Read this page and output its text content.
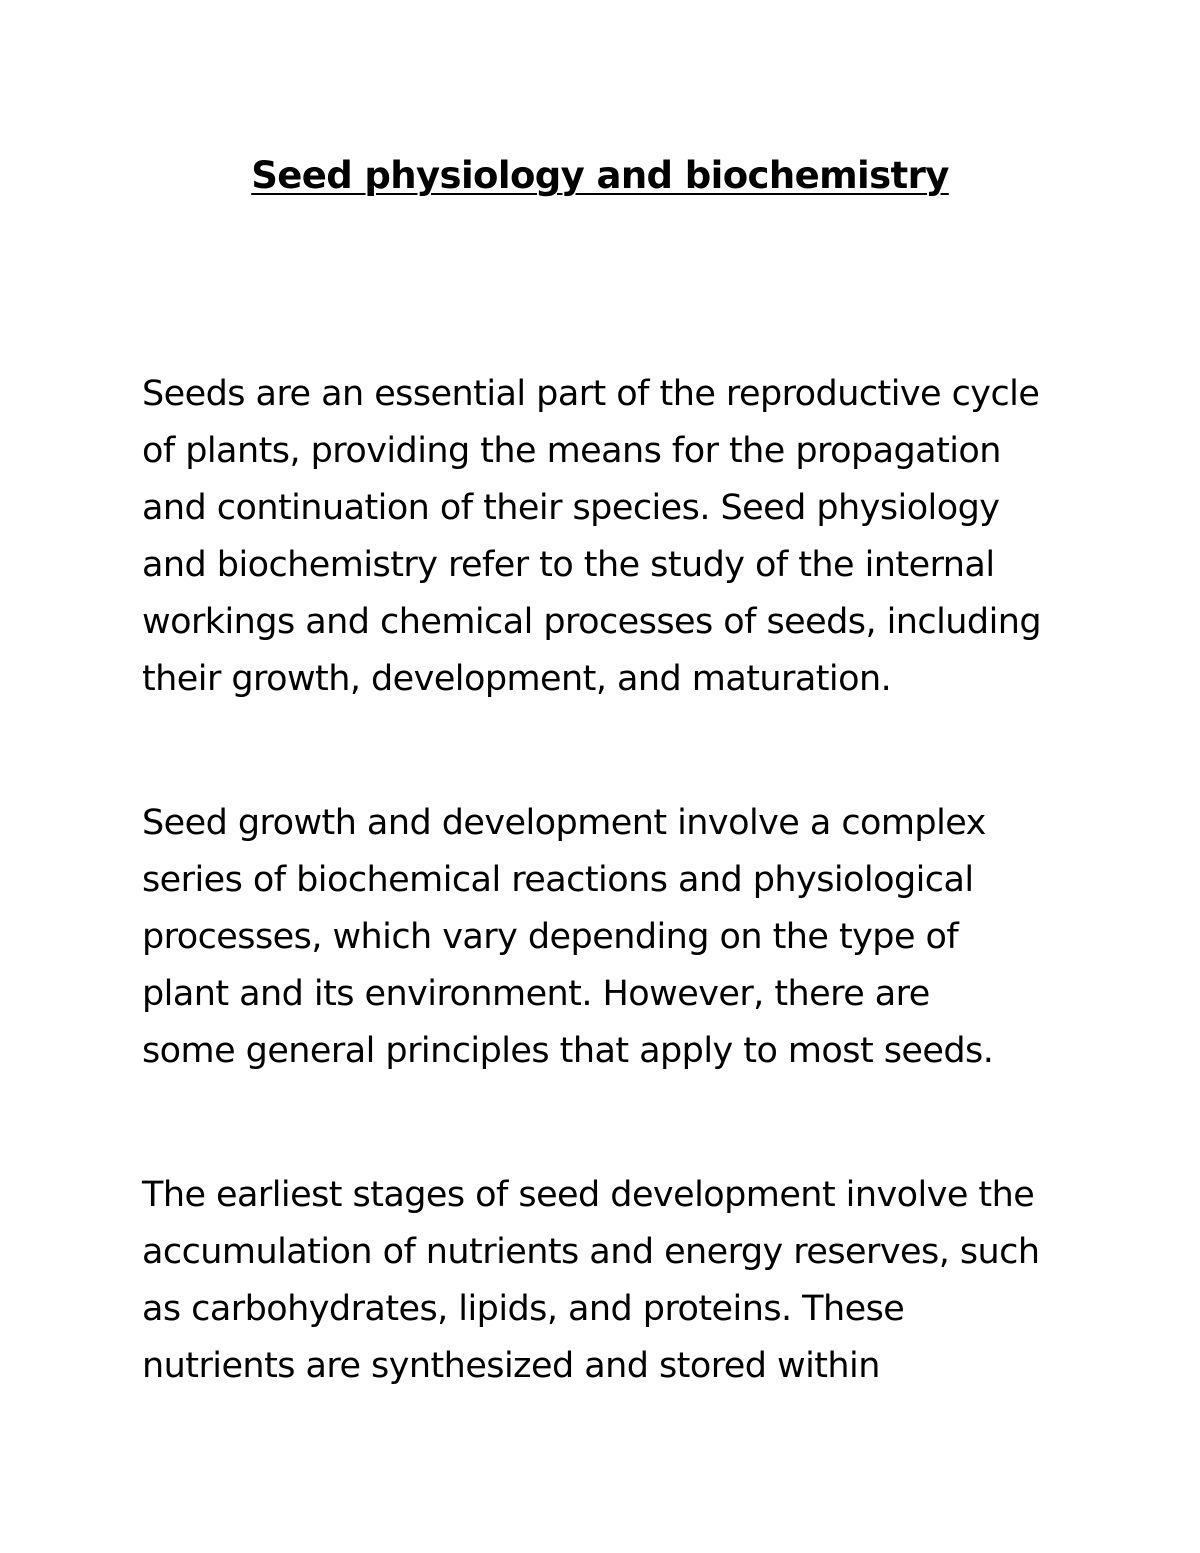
Seed physiology and biochemistry

Seeds are an essential part of the reproductive cycle
of plants, providing the means for the propagation
and continuation of their species. Seed physiology
and biochemistry refer to the study of the internal
workings and chemical processes of seeds, including
their growth, development, and maturation.

Seed growth and development involve a complex
series of biochemical reactions and physiological
processes, which vary depending on the type of
plant and its environment. However, there are
some general principles that apply to most seeds.

The earliest stages of seed development involve the
accumulation of nutrients and energy reserves, such
as carbohydrates, lipids, and proteins. These
nutrients are synthesized and stored within
